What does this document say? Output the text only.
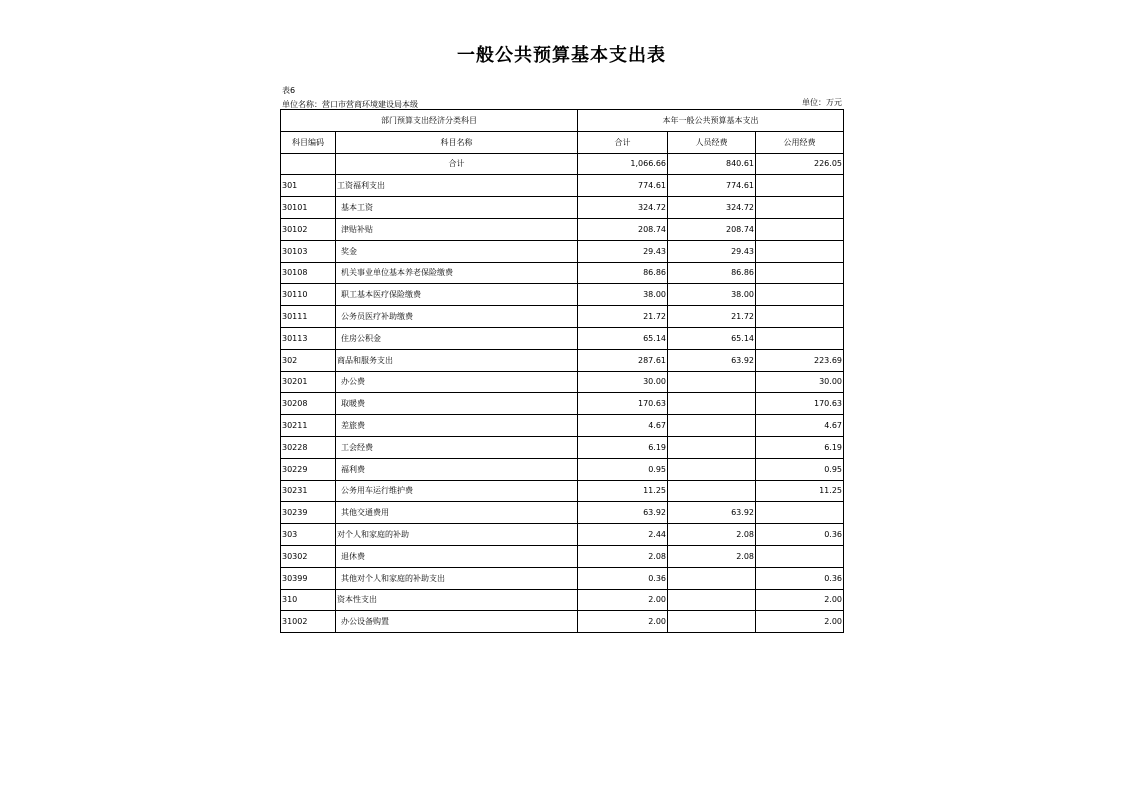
一般公共预算基本支出表
表6
单位名称：营口市营商环境建设局本级	单位：万元
部门预算支出经济分类科目		本年一般公共预算基本支出		
科目编码	科目名称	合计	人员经费	公用经费
	合计	1,066.66	840.61	226.05
301	工资福利支出	774.61	774.61	
30101	基本工资	324.72	324.72	
30102	津贴补贴	208.74	208.74	
30103	奖金	29.43	29.43	
30108	机关事业单位基本养老保险缴费	86.86	86.86	
30110	职工基本医疗保险缴费	38.00	38.00	
30111	公务员医疗补助缴费	21.72	21.72	
30113	住房公积金	65.14	65.14	
302	商品和服务支出	287.61	63.92	223.69
30201	办公费	30.00		30.00
30208	取暖费	170.63		170.63
30211	差旅费	4.67		4.67
30228	工会经费	6.19		6.19
30229	福利费	0.95		0.95
30231	公务用车运行维护费	11.25		11.25
30239	其他交通费用	63.92	63.92	
303	对个人和家庭的补助	2.44	2.08	0.36
30302	退休费	2.08	2.08	
30399	其他对个人和家庭的补助支出	0.36		0.36
310	资本性支出	2.00		2.00
31002	办公设备购置	2.00		2.00
